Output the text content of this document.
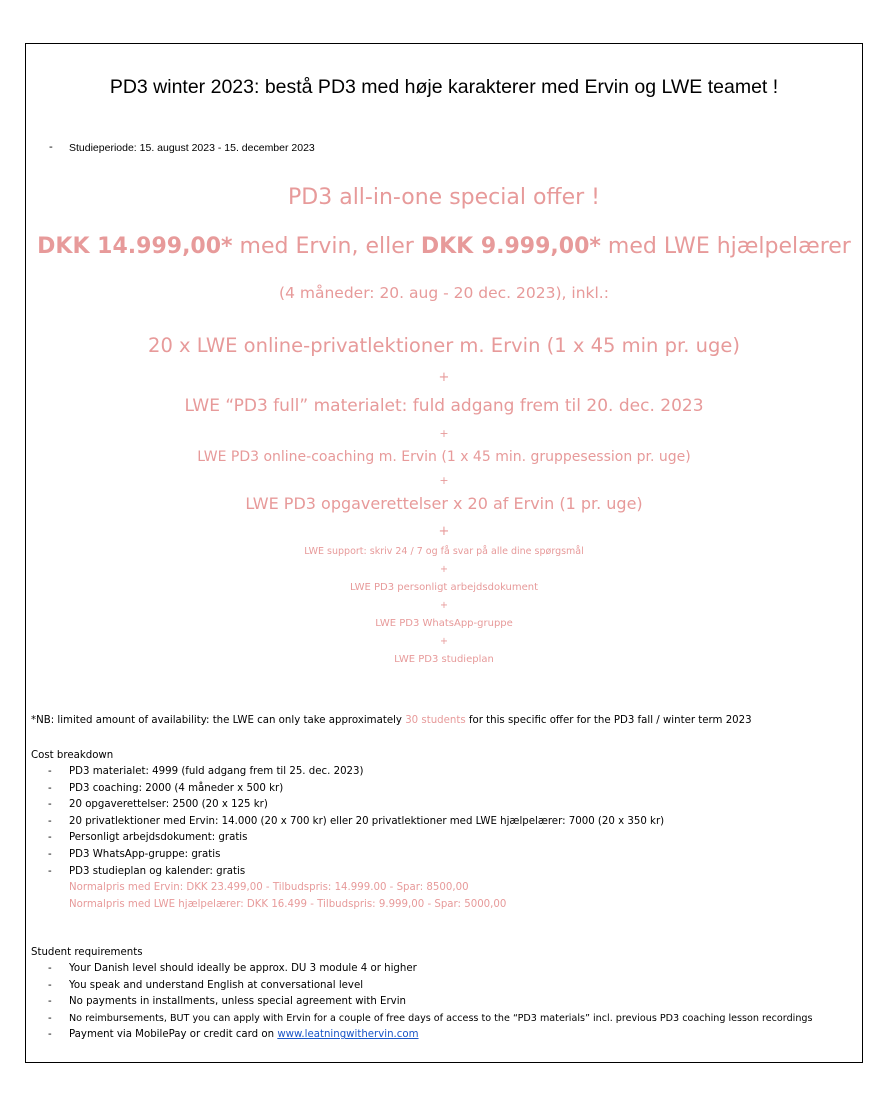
PD3 winter 2023: bestå PD3 med høje karakterer med Ervin og LWE teamet !
- Studieperiode: 15. august 2023 - 15. december 2023
PD3 all-in-one special offer !
DKK 14.999,00* med Ervin, eller DKK 9.999,00* med LWE hjælpelærer
(4 måneder: 20. aug - 20 dec. 2023), inkl.:
20 x LWE online-privatlektioner m. Ervin (1 x 45 min pr. uge)
+
LWE “PD3 full” materialet: fuld adgang frem til 20. dec. 2023
+
LWE PD3 online-coaching m. Ervin (1 x 45 min. gruppesession pr. uge)
+
LWE PD3 opgaverettelser x 20 af Ervin (1 pr. uge)
+
LWE support: skriv 24 / 7 og få svar på alle dine spørgsmål
+
LWE PD3 personligt arbejdsdokument
+
LWE PD3 WhatsApp-gruppe
+
LWE PD3 studieplan
*NB: limited amount of availability: the LWE can only take approximately 30 students for this specific offer for the PD3 fall / winter term 2023
Cost breakdown
- PD3 materialet: 4999 (fuld adgang frem til 25. dec. 2023)
- PD3 coaching: 2000 (4 måneder x 500 kr)
- 20 opgaverettelser: 2500 (20 x 125 kr)
- 20 privatlektioner med Ervin: 14.000 (20 x 700 kr) eller 20 privatlektioner med LWE hjælpelærer: 7000 (20 x 350 kr)
- Personligt arbejdsdokument: gratis
- PD3 WhatsApp-gruppe: gratis
- PD3 studieplan og kalender: gratis
Normalpris med Ervin: DKK 23.499,00 - Tilbudspris: 14.999.00 - Spar: 8500,00
Normalpris med LWE hjælpelærer: DKK 16.499 - Tilbudspris: 9.999,00 - Spar: 5000,00
Student requirements
- Your Danish level should ideally be approx. DU 3 module 4 or higher
- You speak and understand English at conversational level
- No payments in installments, unless special agreement with Ervin
- No reimbursements, BUT you can apply with Ervin for a couple of free days of access to the “PD3 materials” incl. previous PD3 coaching lesson recordings
- Payment via MobilePay or credit card on www.leatningwithervin.com
